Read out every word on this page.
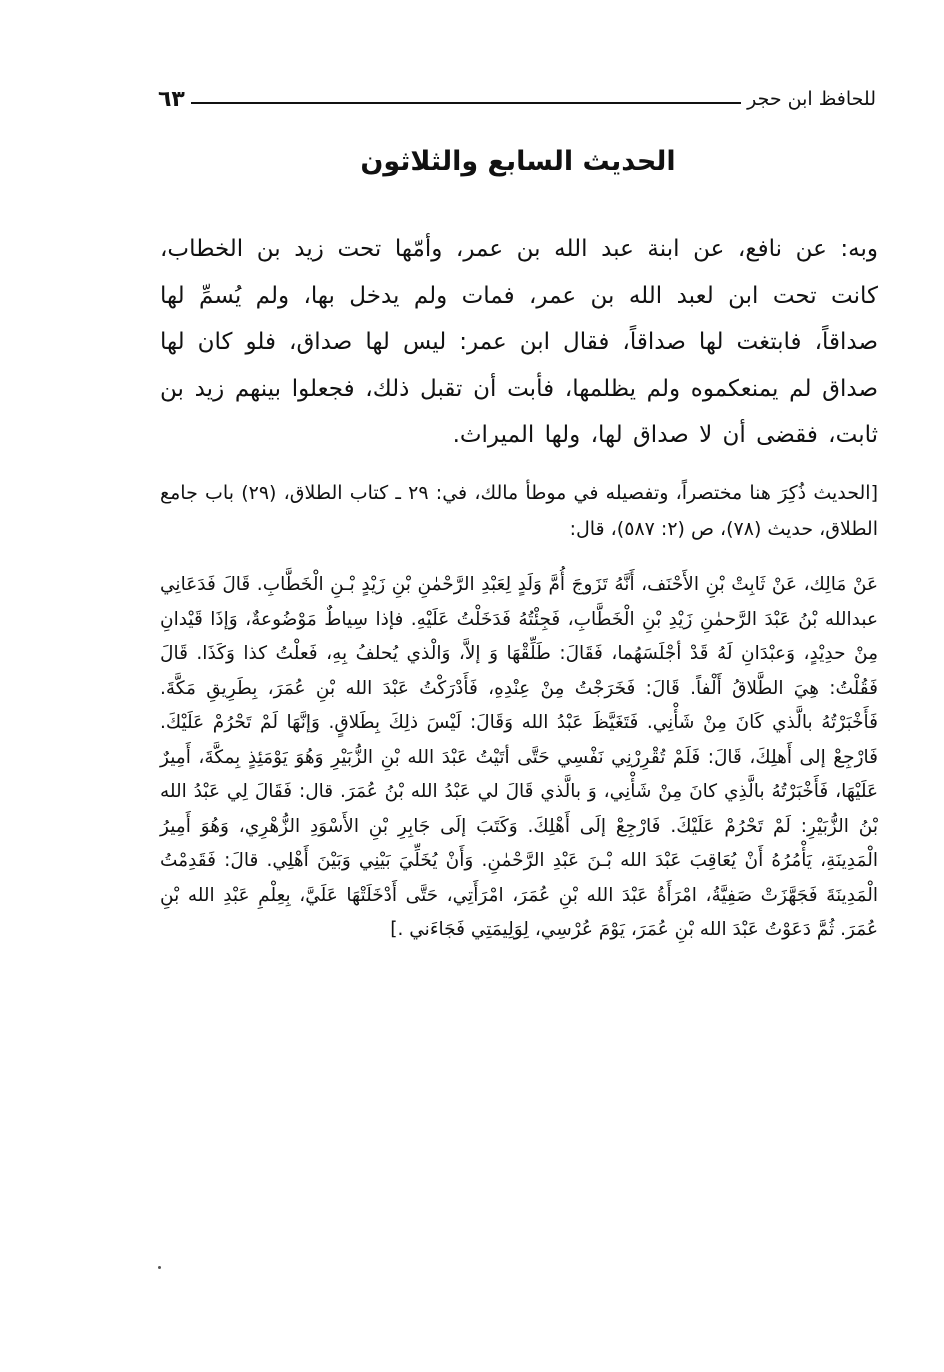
للحافظ ابن حجر
٦٣
الحديث السابع والثلاثون
وبه: عن نافع، عن ابنة عبد الله بن عمر، وأمّها تحت زيد بن الخطاب، كانت تحت ابن لعبد الله بن عمر، فمات ولم يدخل بها، ولم يُسمِّ لها صداقاً، فابتغت لها صداقاً، فقال ابن عمر: ليس لها صداق، فلو كان لها صداق لم يمنعكموه ولم يظلمها، فأبت أن تقبل ذلك، فجعلوا بينهم زيد بن ثابت، فقضى أن لا صداق لها، ولها الميراث.
[الحديث ذُكِرَ هنا مختصراً، وتفصيله في موطأ مالك، في: ٢٩ ـ كتاب الطلاق، (٢٩) باب جامع الطلاق، حديث (٧٨)، ص (٢: ٥٨٧)، قال:
عَنْ مَالِك، عَنْ ثَابِتْ بْنِ الأَحْنَف، أَنَّهُ تَزَوجَ أُمَّ وَلَدٍ لِعَبْدِ الرَّحْمٰنِ بْنِ زَيْدٍ بْـنِ الْخَطَّابِ. قَالَ فَدَعَانِي عبدالله بْنُ عَبْدَ الرَّحمٰنِ زَيْدِ بْنِ الْخَطَّابِ، فَجِئْتُهُ فَدَخَلْتُ عَلَيْهِ. فإذا سِياطٌ مَوْضُوعةٌ، وَإذَا قَيْدانِ مِنْ حدِيْدٍ، وَعبْدَانِ لَهُ قَدْ أجْلَسَهُما، فَقَالَ: طَلِّقْهَا وَ إلاَّ، وَالْذي يُحلفُ بِهِ، فَعلْتُ كذا وَكَذَا. قَالَ فَقُلْتُ: هِيَ الطَّلاقُ أَلْفاً. قَالَ: فَخَرَجْتُ مِنْ عِنْدِهِ، فَأَدْرَكْتُ عَبْدَ الله بْنِ عُمَرَ، بِطَرِيقِ مَكَّةَ. فَأَخْبَرْتُهُ بالَّذي كَانَ مِنْ شَأْنِي. فَتَغَيَّظَ عَبْدُ الله وَقَالَ: لَيْسَ ذلِكَ بِطَلاقٍ. وَإنَّهَا لَمْ تَحْرُمْ عَلَيْكَ. فَارْجِعْ إلى أَهلِكَ، قَالَ: فَلَمْ تُقْرِرْنِي نَفْسِي حَتَّى أتَيْتُ عَبْدَ الله بْنِ الزُّبَيْرِ وَهُوَ يَوْمَئِذٍ بِمكَّةَ، أَمِيرٌ عَلَيْهَا، فَأَخْبَرْتُهُ بالَّذِي كانَ مِنْ شَأْنِي، وَ بالَّذي قَالَ لي عَبْدُ الله بْنُ عُمَرَ. قال: فَقَالَ لِي عَبْدُ الله بْنُ الزُّبَيْرِ: لَمْ تَحْرُمْ عَلَيْكَ. فَارْجِعْ إلَى أَهْلِكَ. وَكَتَبَ إلَى جَابِرِ بْنِ الأَسْوَدِ الزُّهْرِي، وَهُوَ أَمِيرُ الْمَدِينَةِ، يَأْمُرُهُ أَنْ يُعَاقِبَ عَبْدَ الله بْـنَ عَبْدِ الرَّحْمٰنِ. وَأَنْ يُخَلِّيَ بَيْنِي وَبَيْنَ أَهْلِي. قالَ: فَقَدِمْتُ الْمَدِينَةَ فَجَهَّزَتْ صَفِيَّةُ، امْرَأَةُ عَبْدَ الله بْنِ عُمَرَ، امْرَأَتِي، حَتَّى أَدْخَلَتْهَا عَلَيَّ، بِعِلْمِ عَبْدِ الله بْنِ عُمَرَ. ثُمَّ دَعَوْتُ عَبْدَ الله بْنِ عُمَرَ، يَوْمَ عُرْسِي، لِوَلِيمَتِي فَجَاءَني .]
